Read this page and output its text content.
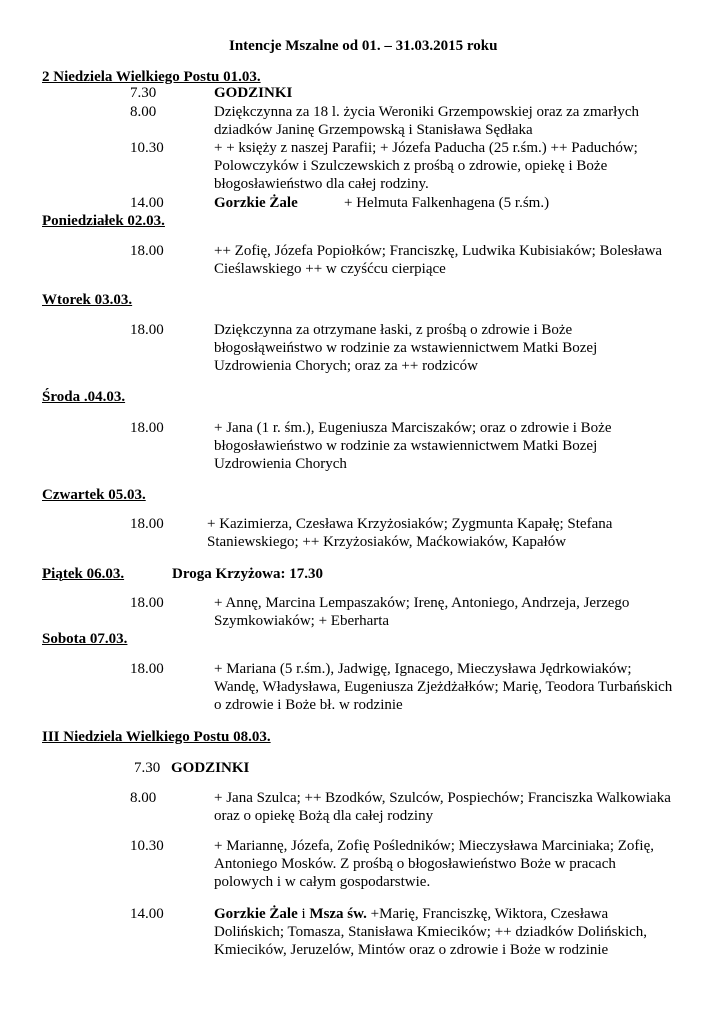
Intencje Mszalne od 01. – 31.03.2015 roku
2 Niedziela Wielkiego Postu 01.03.
7.30	GODZINKI
8.00	Dziękczynna za 18 l. życia Weroniki Grzempowskiej oraz za zmarłych
dziadków Janinę Grzempowską i Stanisława Sędłaka
10.30	+ + księży z naszej Parafii; + Józefa Paducha (25 r.śm.) ++ Paduchów;
Polowczyków i Szulczewskich z prośbą o zdrowie, opiekę i Boże
błogosławieństwo dla całej rodziny.
14.00	Gorzkie Żale	+ Helmuta Falkenhagena (5 r.śm.)
Poniedziałek 02.03.
18.00	++ Zofię, Józefa Popiołków; Franciszkę, Ludwika Kubisiaków; Bolesława
Cieślawskiego ++ w czyśćcu cierpiące
Wtorek 03.03.
18.00	Dziękczynna za otrzymane łaski, z prośbą o zdrowie i Boże
błogosłąweiństwo w rodzinie za wstawiennictwem Matki Bozej
Uzdrowienia Chorych; oraz za ++ rodziców
Środa .04.03.
18.00	+ Jana (1 r. śm.), Eugeniusza Marciszaków; oraz o zdrowie i Boże
błogosławieństwo w rodzinie za wstawiennictwem Matki Bozej
Uzdrowienia Chorych
Czwartek 05.03.
18.00	+ Kazimierza, Czesława Krzyżosiaków; Zygmunta Kapałę; Stefana
Staniewskiego; ++ Krzyżosiaków, Maćkowiaków, Kapałów
Piątek 06.03.	Droga Krzyżowa: 17.30
18.00	+ Annę, Marcina Lempaszaków; Irenę, Antoniego, Andrzeja, Jerzego
Szymkowiaków; + Eberharta
Sobota 07.03.
18.00	+ Mariana (5 r.śm.), Jadwigę, Ignacego, Mieczysława Jędrkowiaków;
Wandę, Władysława, Eugeniusza Zjeżdżałków; Marię, Teodora Turbańskich
o zdrowie i Boże bł. w rodzinie
III Niedziela Wielkiego Postu 08.03.
7.30 GODZINKI
8.00	+ Jana Szulca; ++ Bzodków, Szulców, Pospiechów; Franciszka Walkowiaka
oraz o opiekę Bożą dla całej rodziny
10.30	+ Mariannę, Józefa, Zofię Pośledników; Mieczysława Marciniaka; Zofię,
Antoniego Mosków. Z prośbą o błogosławieństwo Boże w pracach
polowych i w całym gospodarstwie.
14.00	Gorzkie Żale i Msza św. +Marię, Franciszkę, Wiktora, Czesława
Dolińskich; Tomasza, Stanisława Kmiecików; ++ dziadków Dolińskich,
Kmiecików, Jeruzelów, Mintów oraz o zdrowie i Boże w rodzinie
